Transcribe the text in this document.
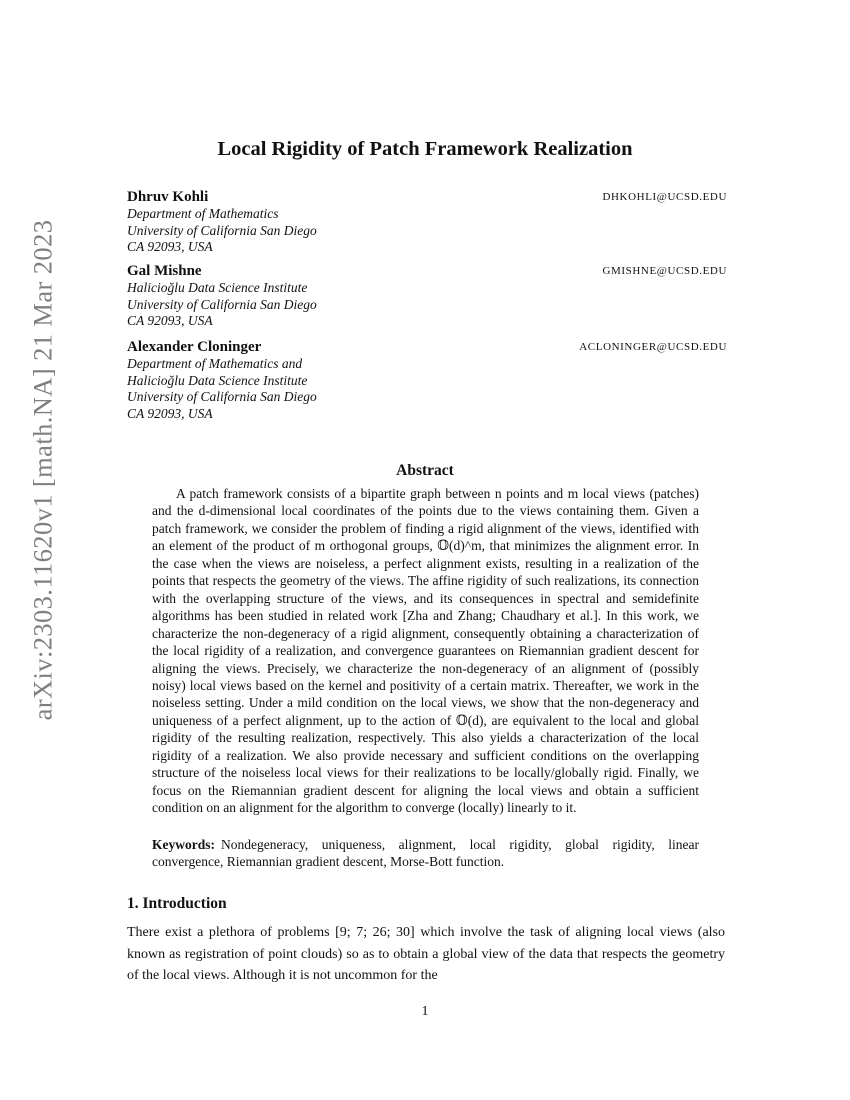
arXiv:2303.11620v1 [math.NA] 21 Mar 2023
Local Rigidity of Patch Framework Realization
Dhruv Kohli	DHKOHLI@UCSD.EDU
Department of Mathematics
University of California San Diego
CA 92093, USA
Gal Mishne	GMISHNE@UCSD.EDU
Halicioğlu Data Science Institute
University of California San Diego
CA 92093, USA
Alexander Cloninger	ACLONINGER@UCSD.EDU
Department of Mathematics and
Halicioğlu Data Science Institute
University of California San Diego
CA 92093, USA
Abstract

A patch framework consists of a bipartite graph between n points and m local views (patches) and the d-dimensional local coordinates of the points due to the views containing them. Given a patch framework, we consider the problem of finding a rigid alignment of the views, identified with an element of the product of m orthogonal groups, 𝕆(d)^m, that minimizes the alignment error. In the case when the views are noiseless, a perfect alignment exists, resulting in a realization of the points that respects the geometry of the views. The affine rigidity of such realizations, its connection with the overlapping structure of the views, and its consequences in spectral and semidefinite algorithms has been studied in related work [Zha and Zhang; Chaudhary et al.]. In this work, we characterize the non-degeneracy of a rigid alignment, consequently obtaining a characterization of the local rigidity of a realization, and convergence guarantees on Riemannian gradient descent for aligning the views. Precisely, we characterize the non-degeneracy of an alignment of (possibly noisy) local views based on the kernel and positivity of a certain matrix. Thereafter, we work in the noiseless setting. Under a mild condition on the local views, we show that the non-degeneracy and uniqueness of a perfect alignment, up to the action of 𝕆(d), are equivalent to the local and global rigidity of the resulting realization, respectively. This also yields a characterization of the local rigidity of a realization. We also provide necessary and sufficient conditions on the overlapping structure of the noiseless local views for their realizations to be locally/globally rigid. Finally, we focus on the Riemannian gradient descent for aligning the local views and obtain a sufficient condition on an alignment for the algorithm to converge (locally) linearly to it.

Keywords: Nondegeneracy, uniqueness, alignment, local rigidity, global rigidity, linear convergence, Riemannian gradient descent, Morse-Bott function.

1. Introduction

There exist a plethora of problems [9; 7; 26; 30] which involve the task of aligning local views (also known as registration of point clouds) so as to obtain a global view of the data that respects the geometry of the local views. Although it is not uncommon for the

1
